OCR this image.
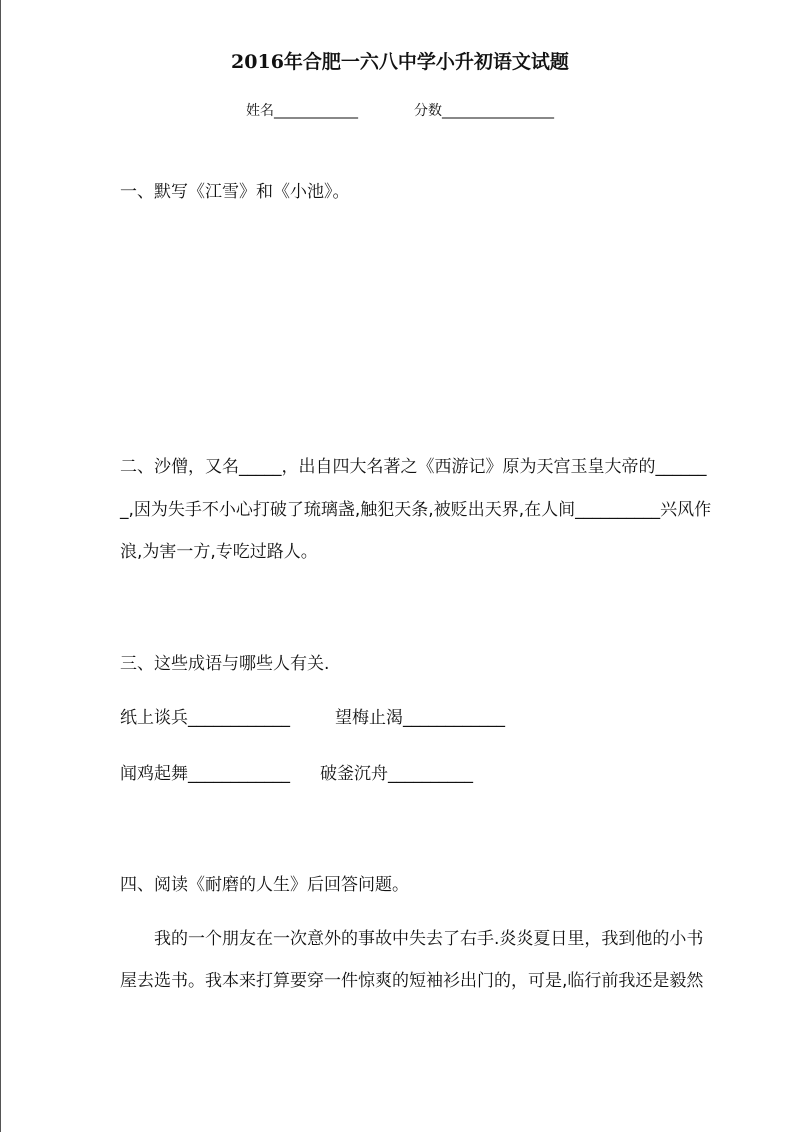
2016年合肥一六八中学小升初语文试题
姓名____________	分数________________
一、默写《江雪》和《小池》。
二、沙僧，又名_____，出自四大名著之《西游记》原为天宫玉皇大帝的______
_,因为失手不小心打破了琉璃盏,触犯天条,被贬出天界,在人间__________兴风作
浪,为害一方,专吃过路人。
三、这些成语与哪些人有关.
纸上谈兵____________	望梅止渴____________
闻鸡起舞____________ 破釜沉舟__________
四、阅读《耐磨的人生》后回答问题。
我的一个朋友在一次意外的事故中失去了右手.炎炎夏日里，我到他的小书
屋去选书。我本来打算要穿一件惊爽的短袖衫出门的，可是,临行前我还是毅然
